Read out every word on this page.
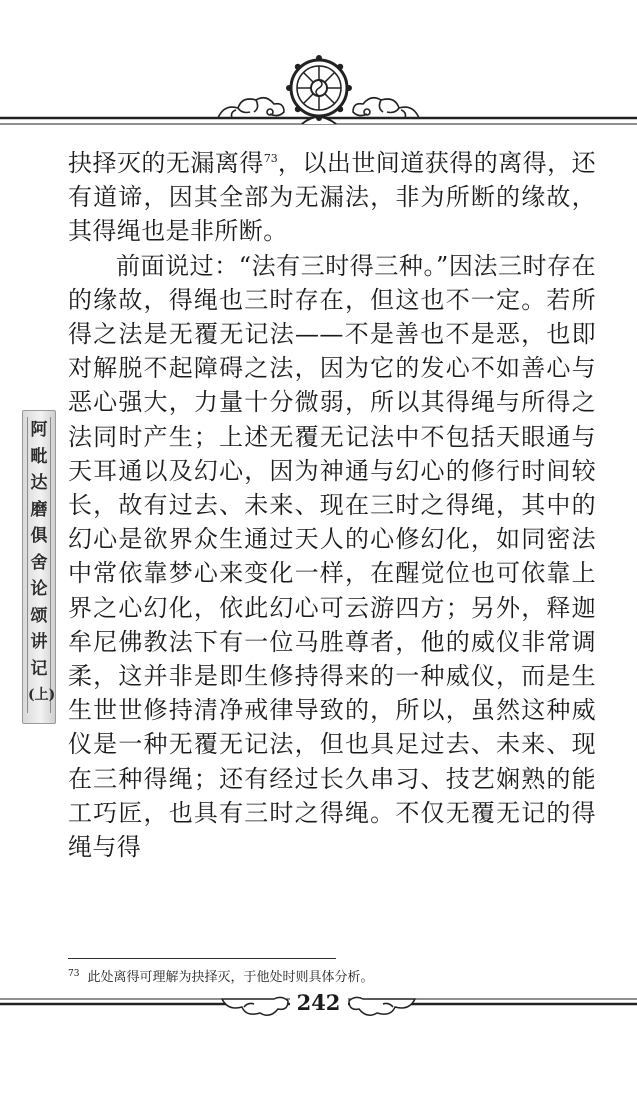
抉择灭的无漏离得$^{73}$，以出世间道获得的离得，还有道谛，因其全部为无漏法，非为所断的缘故，其得绳也是非所断。

前面说过：“法有三时得三种。”因法三时存在的缘故，得绳也三时存在，但这也不一定。若所得之法是无覆无记法——不是善也不是恶，也即对解脱不起障碍之法，因为它的发心不如善心与恶心强大，力量十分微弱，所以其得绳与所得之法同时产生；上述无覆无记法中不包括天眼通与天耳通以及幻心，因为神通与幻心的修行时间较长，故有过去、未来、现在三时之得绳，其中的幻心是欲界众生通过天人的心修幻化，如同密法中常依靠梦心来变化一样，在醒觉位也可依靠上界之心幻化，依此幻心可云游四方；另外，释迦牟尼佛教法下有一位马胜尊者，他的威仪非常调柔，这并非是即生修持得来的一种威仪，而是生生世世修持清净戒律导致的，所以，虽然这种威仪是一种无覆无记法，但也具足过去、未来、现在三种得绳；还有经过长久串习、技艺娴熟的能工巧匠，也具有三时之得绳。不仅无覆无记的得绳与得

阿
毗
达
磨
俱
舍
论
颂
讲
记
(上)
$^{73}$ 此处离得可理解为抉择灭，于他处时则具体分析。
242
